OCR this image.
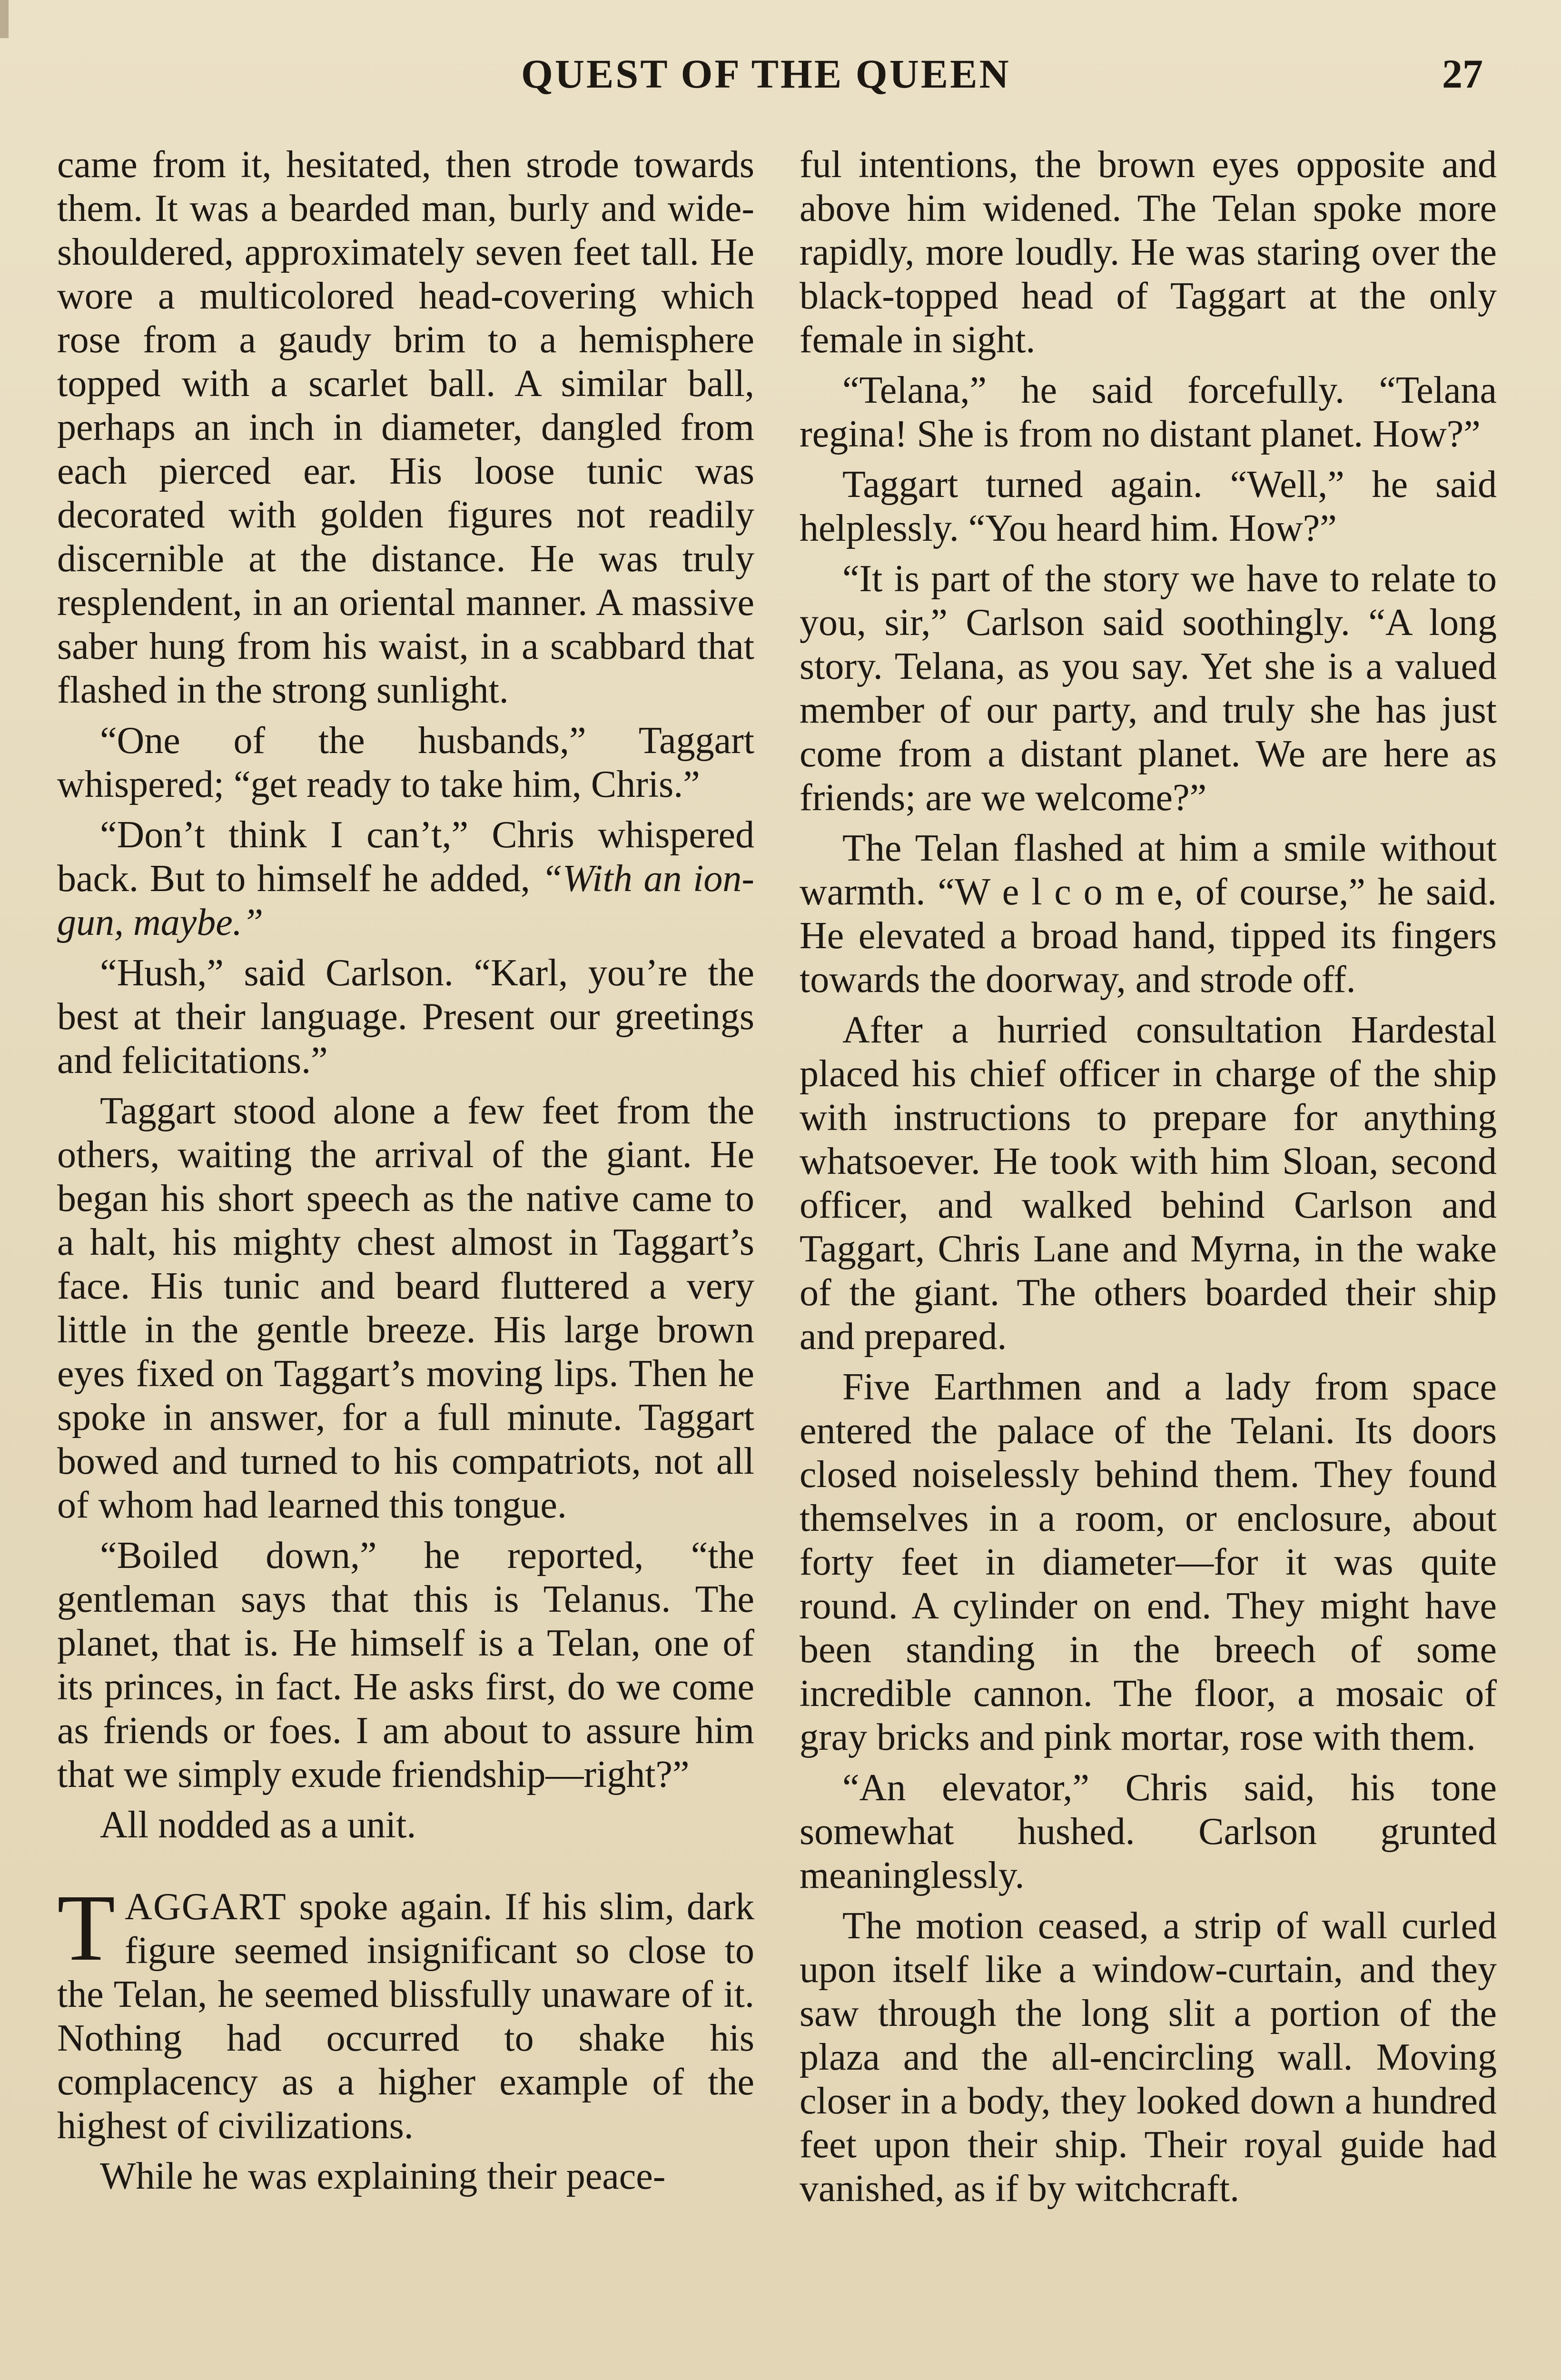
QUEST OF THE QUEEN	27

came from it, hesitated, then strode towards them. It was a bearded man, burly and wide-shouldered, approximately seven feet tall. He wore a multicolored head-covering which rose from a gaudy brim to a hemisphere topped with a scarlet ball. A similar ball, perhaps an inch in diameter, dangled from each pierced ear. His loose tunic was decorated with golden figures not readily discernible at the distance. He was truly resplendent, in an oriental manner. A massive saber hung from his waist, in a scabbard that flashed in the strong sunlight.

“One of the husbands,” Taggart whispered; “get ready to take him, Chris.”

“Don’t think I can’t,” Chris whispered back. But to himself he added, “With an ion-gun, maybe.”

“Hush,” said Carlson. “Karl, you’re the best at their language. Present our greetings and felicitations.”

Taggart stood alone a few feet from the others, waiting the arrival of the giant. He began his short speech as the native came to a halt, his mighty chest almost in Taggart’s face. His tunic and beard fluttered a very little in the gentle breeze. His large brown eyes fixed on Taggart’s moving lips. Then he spoke in answer, for a full minute. Taggart bowed and turned to his compatriots, not all of whom had learned this tongue.

“Boiled down,” he reported, “the gentleman says that this is Telanus. The planet, that is. He himself is a Telan, one of its princes, in fact. He asks first, do we come as friends or foes. I am about to assure him that we simply exude friendship—right?”

All nodded as a unit.

TAGGART spoke again. If his slim, dark figure seemed insignificant so close to the Telan, he seemed blissfully unaware of it. Nothing had occurred to shake his complacency as a higher example of the highest of civilizations.

While he was explaining their peace-

ful intentions, the brown eyes opposite and above him widened. The Telan spoke more rapidly, more loudly. He was staring over the black-topped head of Taggart at the only female in sight.

“Telana,” he said forcefully. “Telana regina! She is from no distant planet. How?”

Taggart turned again. “Well,” he said helplessly. “You heard him. How?”

“It is part of the story we have to relate to you, sir,” Carlson said soothingly. “A long story. Telana, as you say. Yet she is a valued member of our party, and truly she has just come from a distant planet. We are here as friends; are we welcome?”

The Telan flashed at him a smile without warmth. “W e l c o m e, of course,” he said. He elevated a broad hand, tipped its fingers towards the doorway, and strode off.

After a hurried consultation Hardestal placed his chief officer in charge of the ship with instructions to prepare for anything whatsoever. He took with him Sloan, second officer, and walked behind Carlson and Taggart, Chris Lane and Myrna, in the wake of the giant. The others boarded their ship and prepared.

Five Earthmen and a lady from space entered the palace of the Telani. Its doors closed noiselessly behind them. They found themselves in a room, or enclosure, about forty feet in diameter—for it was quite round. A cylinder on end. They might have been standing in the breech of some incredible cannon. The floor, a mosaic of gray bricks and pink mortar, rose with them.

“An elevator,” Chris said, his tone somewhat hushed. Carlson grunted meaninglessly.

The motion ceased, a strip of wall curled upon itself like a window-curtain, and they saw through the long slit a portion of the plaza and the all-encircling wall. Moving closer in a body, they looked down a hundred feet upon their ship. Their royal guide had vanished, as if by witchcraft.
